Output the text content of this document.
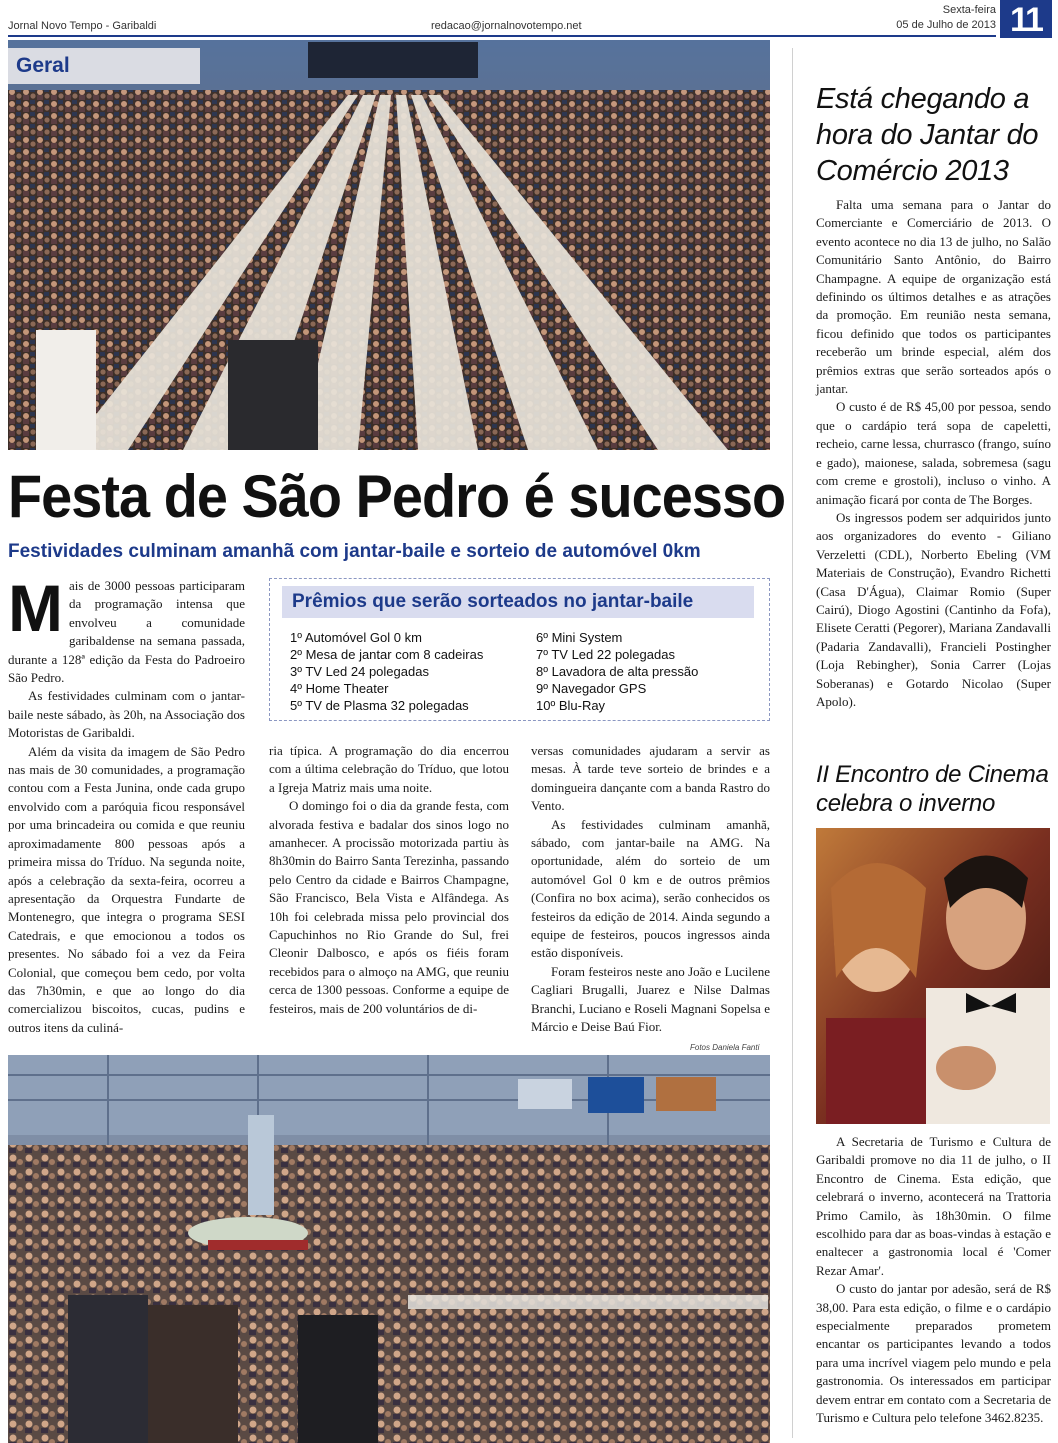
Jornal Novo Tempo - Garibaldi	redacao@jornalnovotempo.net
Sexta-feira
05 de Julho de 2013 11
Geral
Festa de São Pedro é sucesso
Festividades culminam amanhã com jantar-baile e sorteio de automóvel 0km

Mais de 3000 pessoas participaram da programação intensa que envolveu a comunidade garibaldense na semana passada, durante a 128ª edição da Festa do Padroeiro São Pedro.

As festividades culminam com o jantar-baile neste sábado, às 20h, na Associação dos Motoristas de Garibaldi.

Além da visita da imagem de São Pedro nas mais de 30 comunidades, a programação contou com a Festa Junina, onde cada grupo envolvido com a paróquia ficou responsável por uma brincadeira ou comida e que reuniu aproximadamente 800 pessoas após a primeira missa do Tríduo. Na segunda noite, após a celebração da sexta-feira, ocorreu a apresentação da Orquestra Fundarte de Montenegro, que integra o programa SESI Catedrais, e que emocionou a todos os presentes. No sábado foi a vez da Feira Colonial, que começou bem cedo, por volta das 7h30min, e que ao longo do dia comercializou biscoitos, cucas, pudins e outros itens da culiná-

Prêmios que serão sorteados no jantar-baile
1º Automóvel Gol 0 km
2º Mesa de jantar com 8 cadeiras
3º TV Led 24 polegadas
4º Home Theater
5º TV de Plasma 32 polegadas
6º Mini System
7º TV Led 22 polegadas
8º Lavadora de alta pressão
9º Navegador GPS
10º Blu-Ray

ria típica. A programação do dia encerrou com a última celebração do Tríduo, que lotou a Igreja Matriz mais uma noite.

O domingo foi o dia da grande festa, com alvorada festiva e badalar dos sinos logo no amanhecer. A procissão motorizada partiu às 8h30min do Bairro Santa Terezinha, passando pelo Centro da cidade e Bairros Champagne, São Francisco, Bela Vista e Alfândega. As 10h foi celebrada missa pelo provincial dos Capuchinhos no Rio Grande do Sul, frei Cleonir Dalbosco, e após os fiéis foram recebidos para o almoço na AMG, que reuniu cerca de 1300 pessoas. Conforme a equipe de festeiros, mais de 200 voluntários de di-

versas comunidades ajudaram a servir as mesas. À tarde teve sorteio de brindes e a domingueira dançante com a banda Rastro do Vento.

As festividades culminam amanhã, sábado, com jantar-baile na AMG. Na oportunidade, além do sorteio de um automóvel Gol 0 km e de outros prêmios (Confira no box acima), serão conhecidos os festeiros da edição de 2014. Ainda segundo a equipe de festeiros, poucos ingressos ainda estão disponíveis.

Foram festeiros neste ano João e Lucilene Cagliari Brugalli, Juarez e Nilse Dalmas Branchi, Luciano e Roseli Magnani Sopelsa e Márcio e Deise Baú Fior.

Fotos Daniela Fanti
Está chegando a hora do Jantar do Comércio 2013

Falta uma semana para o Jantar do Comerciante e Comerciário de 2013. O evento acontece no dia 13 de julho, no Salão Comunitário Santo Antônio, do Bairro Champagne. A equipe de organização está definindo os últimos detalhes e as atrações da promoção. Em reunião nesta semana, ficou definido que todos os participantes receberão um brinde especial, além dos prêmios extras que serão sorteados após o jantar.

O custo é de R$ 45,00 por pessoa, sendo que o cardápio terá sopa de capeletti, recheio, carne lessa, churrasco (frango, suíno e gado), maionese, salada, sobremesa (sagu com creme e grostoli), incluso o vinho. A animação ficará por conta de The Borges.

Os ingressos podem ser adquiridos junto aos organizadores do evento - Giliano Verzeletti (CDL), Norberto Ebeling (VM Materiais de Construção), Evandro Richetti (Casa D'Água), Claimar Romio (Super Cairú), Diogo Agostini (Cantinho da Fofa), Elisete Ceratti (Pegorer), Mariana Zandavalli (Padaria Zandavalli), Francieli Postingher (Loja Rebingher), Sonia Carrer (Lojas Soberanas) e Gotardo Nicolao (Super Apolo).

II Encontro de Cinema celebra o inverno

A Secretaria de Turismo e Cultura de Garibaldi promove no dia 11 de julho, o II Encontro de Cinema. Esta edição, que celebrará o inverno, acontecerá na Trattoria Primo Camilo, às 18h30min. O filme escolhido para dar as boas-vindas à estação e enaltecer a gastronomia local é 'Comer Rezar Amar'.

O custo do jantar por adesão, será de R$ 38,00. Para esta edição, o filme e o cardápio especialmente preparados prometem encantar os participantes levando a todos para uma incrível viagem pelo mundo e pela gastronomia. Os interessados em participar devem entrar em contato com a Secretaria de Turismo e Cultura pelo telefone 3462.8235.
